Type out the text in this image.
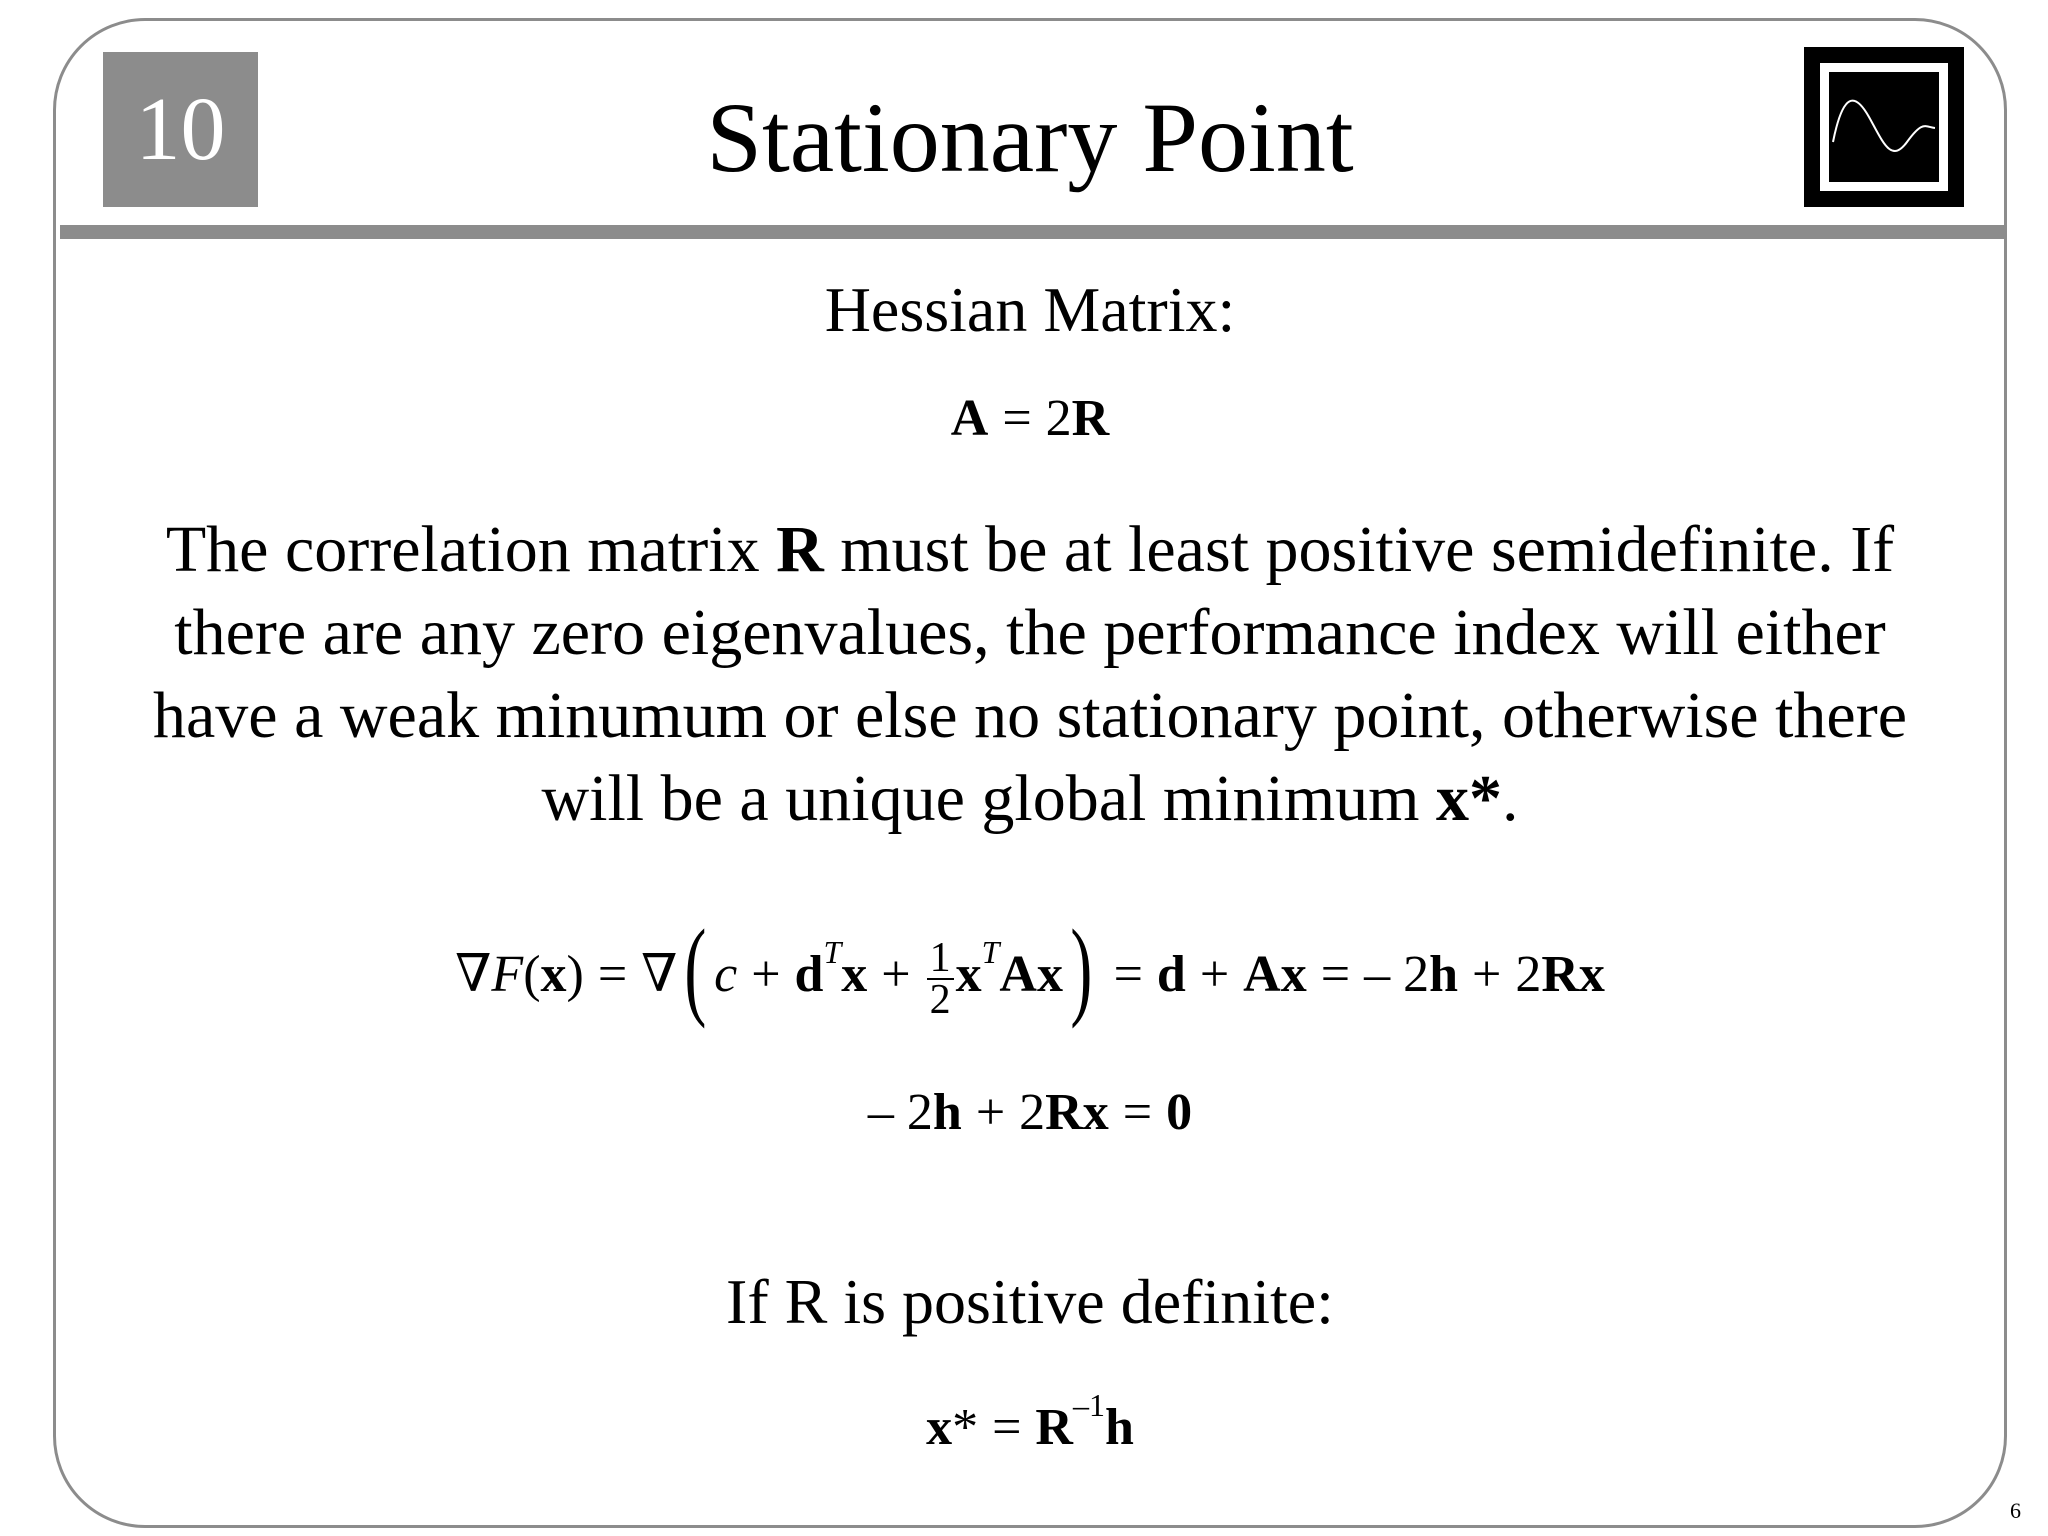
10	Stationary Point
Hessian Matrix:
A = 2R
The correlation matrix R must be at least positive semidefinite. If there are any zero eigenvalues, the performance index will either have a weak minumum or else no stationary point, otherwise there will be a unique global minimum x*.
∇F(x) = ∇( $c + d^Tx + \frac{1}{2} x^TAx) = d + Ax$ = – 2h + 2Rx
– 2h + 2Rx = 0
If R is positive definite:
$x* = R^{-1}h$
6
